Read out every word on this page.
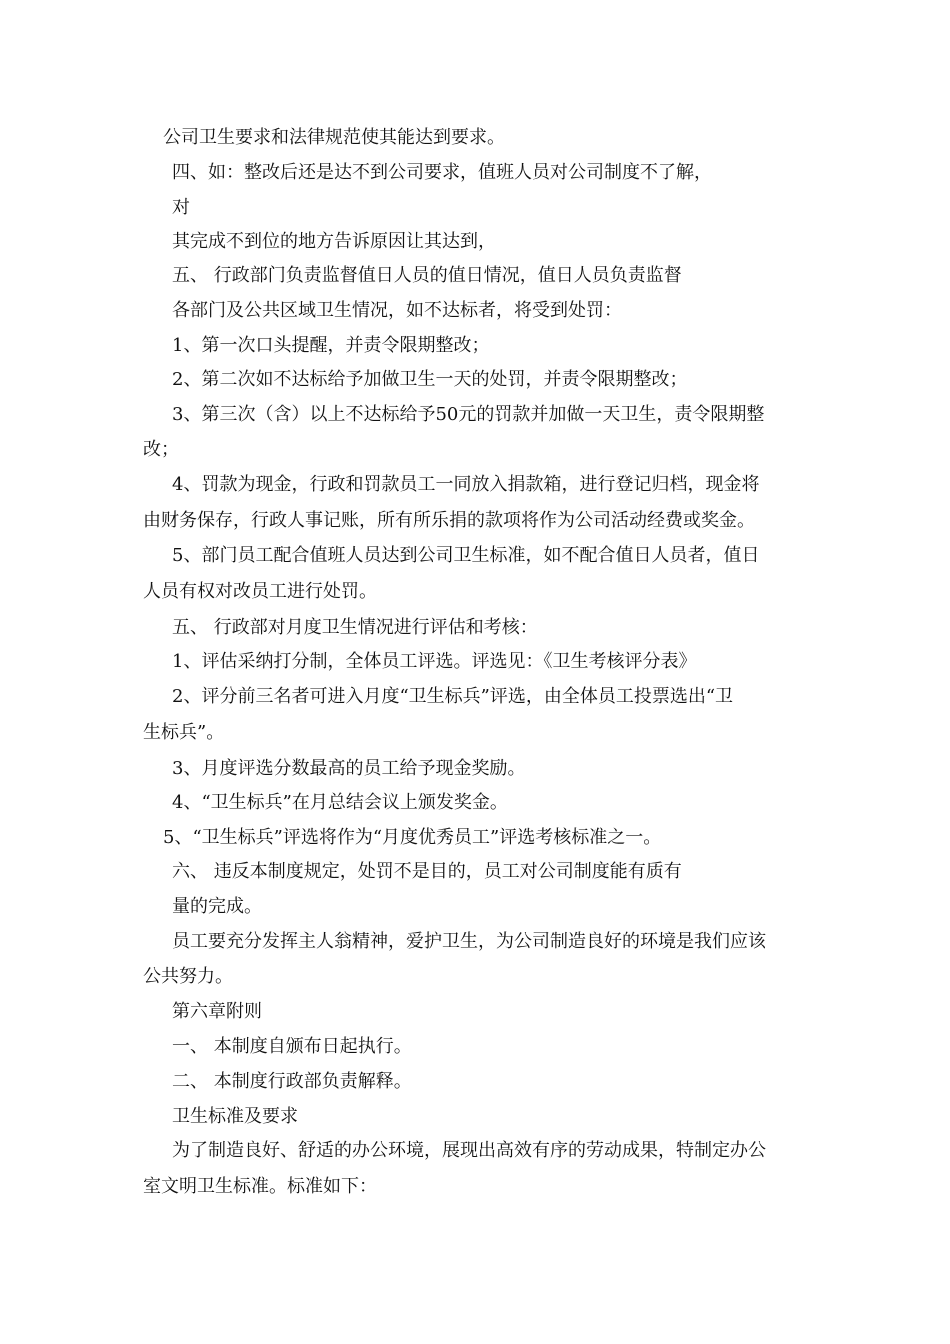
公司卫生要求和法律规范使其能达到要求。
四、如：整改后还是达不到公司要求，值班人员对公司制度不了解，
对
其完成不到位的地方告诉原因让其达到，
五、 行政部门负责监督值日人员的值日情况，值日人员负责监督
各部门及公共区域卫生情况，如不达标者，将受到处罚：
1、第一次口头提醒，并责令限期整改；
2、第二次如不达标给予加做卫生一天的处罚，并责令限期整改；
3、第三次（含）以上不达标给予50元的罚款并加做一天卫生，责令限期整
改；
4、罚款为现金，行政和罚款员工一同放入捐款箱，进行登记归档，现金将
由财务保存，行政人事记账，所有所乐捐的款项将作为公司活动经费或奖金。
5、部门员工配合值班人员达到公司卫生标准，如不配合值日人员者，值日
人员有权对改员工进行处罚。
五、 行政部对月度卫生情况进行评估和考核：
1、评估采纳打分制，全体员工评选。评选见：《卫生考核评分表》
2、评分前三名者可进入月度“卫生标兵”评选，由全体员工投票选出“卫
生标兵”。
3、月度评选分数最高的员工给予现金奖励。
4、“卫生标兵”在月总结会议上颁发奖金。
5、“卫生标兵”评选将作为“月度优秀员工”评选考核标准之一。
六、 违反本制度规定，处罚不是目的，员工对公司制度能有质有
量的完成。
员工要充分发挥主人翁精神，爱护卫生，为公司制造良好的环境是我们应该
公共努力。
第六章附则
一、 本制度自颁布日起执行。
二、 本制度行政部负责解释。
卫生标准及要求
为了制造良好、舒适的办公环境，展现出高效有序的劳动成果，特制定办公
室文明卫生标准。标准如下：
